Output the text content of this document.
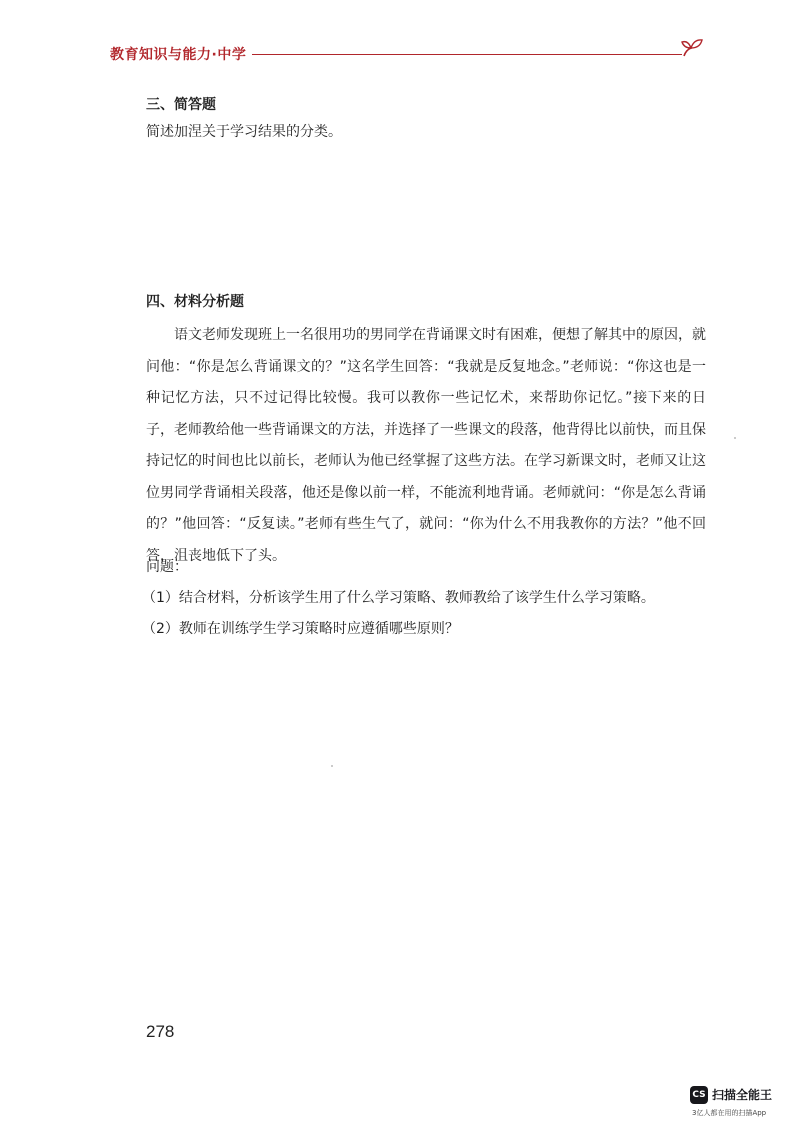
教育知识与能力·中学
三、简答题
简述加涅关于学习结果的分类。
四、材料分析题
语文老师发现班上一名很用功的男同学在背诵课文时有困难，便想了解其中的原因，就问他：“你是怎么背诵课文的？”这名学生回答：“我就是反复地念。”老师说：“你这也是一种记忆方法，只不过记得比较慢。我可以教你一些记忆术，来帮助你记忆。”接下来的日子，老师教给他一些背诵课文的方法，并选择了一些课文的段落，他背得比以前快，而且保持记忆的时间也比以前长，老师认为他已经掌握了这些方法。在学习新课文时，老师又让这位男同学背诵相关段落，他还是像以前一样，不能流利地背诵。老师就问：“你是怎么背诵的？”他回答：“反复读。”老师有些生气了，就问：“你为什么不用我教你的方法？”他不回答，沮丧地低下了头。
问题：
（1）结合材料，分析该学生用了什么学习策略、教师教给了该学生什么学习策略。
（2）教师在训练学生学习策略时应遵循哪些原则？
278
CS 扫描全能王
3亿人都在用的扫描App
